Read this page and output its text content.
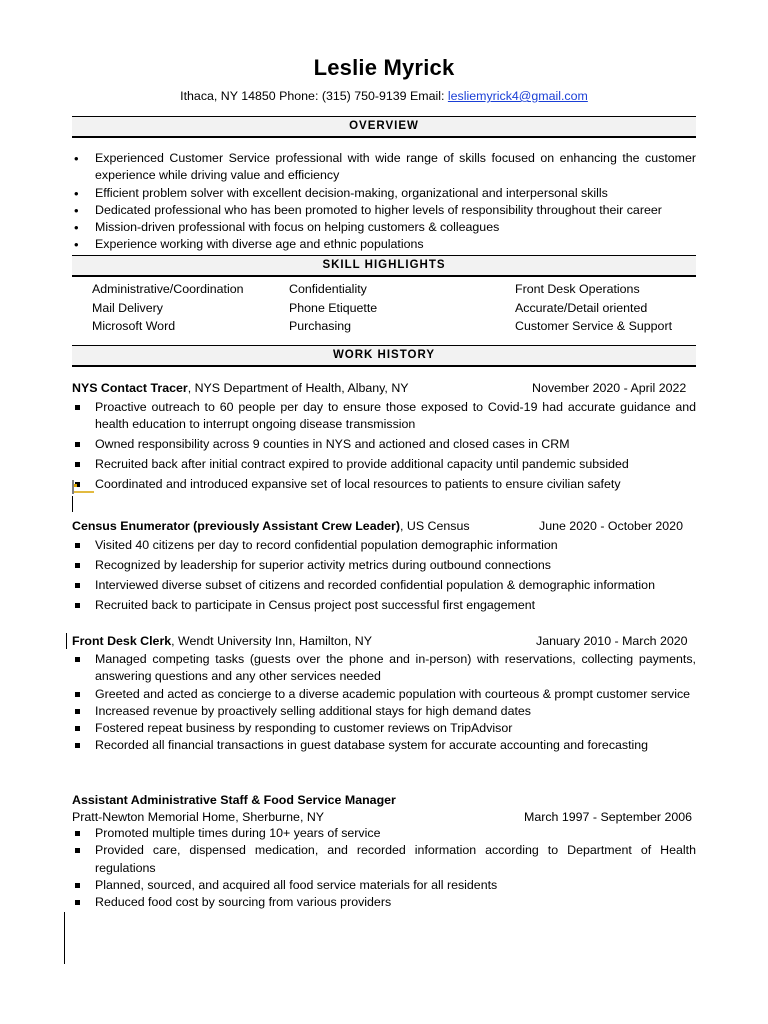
Leslie Myrick
Ithaca, NY 14850 Phone: (315) 750-9139 Email: lesliemyrick4@gmail.com
OVERVIEW
• Experienced Customer Service professional with wide range of skills focused on enhancing the customer experience while driving value and efficiency
• Efficient problem solver with excellent decision-making, organizational and interpersonal skills
• Dedicated professional who has been promoted to higher levels of responsibility throughout their career
• Mission-driven professional with focus on helping customers & colleagues
• Experience working with diverse age and ethnic populations
SKILL HIGHLIGHTS
Administrative/Coordination	Confidentiality	Front Desk Operations
Mail Delivery	Phone Etiquette	Accurate/Detail oriented
Microsoft Word	Purchasing	Customer Service & Support
WORK HISTORY
NYS Contact Tracer, NYS Department of Health, Albany, NY	November 2020 - April 2022
Proactive outreach to 60 people per day to ensure those exposed to Covid-19 had accurate guidance and health education to interrupt ongoing disease transmission
Owned responsibility across 9 counties in NYS and actioned and closed cases in CRM
Recruited back after initial contract expired to provide additional capacity until pandemic subsided
Coordinated and introduced expansive set of local resources to patients to ensure civilian safety
Census Enumerator (previously Assistant Crew Leader), US Census	June 2020 - October 2020
Visited 40 citizens per day to record confidential population demographic information
Recognized by leadership for superior activity metrics during outbound connections
Interviewed diverse subset of citizens and recorded confidential population & demographic information
Recruited back to participate in Census project post successful first engagement
Front Desk Clerk, Wendt University Inn, Hamilton, NY	January 2010 - March 2020
Managed competing tasks (guests over the phone and in-person) with reservations, collecting payments, answering questions and any other services needed
Greeted and acted as concierge to a diverse academic population with courteous & prompt customer service
Increased revenue by proactively selling additional stays for high demand dates
Fostered repeat business by responding to customer reviews on TripAdvisor
Recorded all financial transactions in guest database system for accurate accounting and forecasting
Assistant Administrative Staff & Food Service Manager
Pratt-Newton Memorial Home, Sherburne, NY	March 1997 - September 2006
Promoted multiple times during 10+ years of service
Provided care, dispensed medication, and recorded information according to Department of Health regulations
Planned, sourced, and acquired all food service materials for all residents
Reduced food cost by sourcing from various providers
